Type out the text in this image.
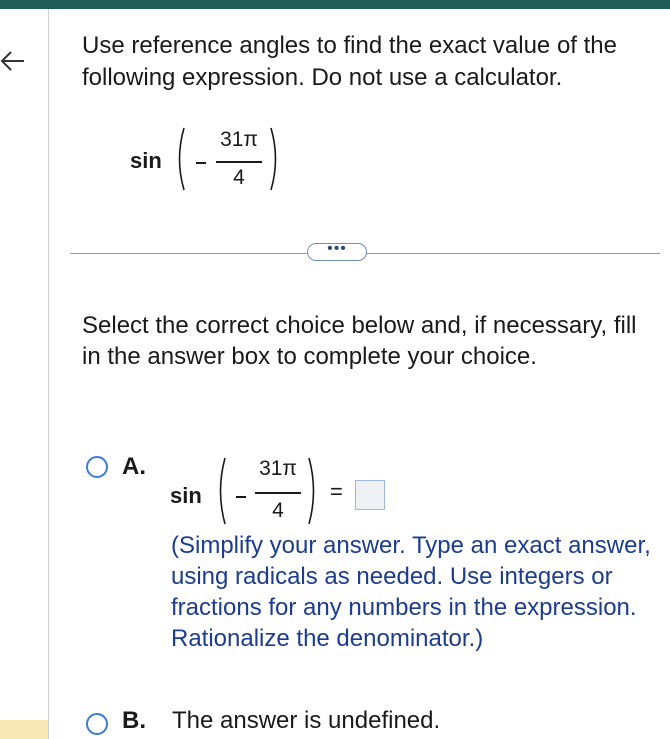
Use reference angles to find the exact value of the following expression. Do not use a calculator.
sin
31π
4
•••
Select the correct choice below and, if necessary, fill in the answer box to complete your choice.
A.
sin
31π
4
=
(Simplify your answer. Type an exact answer, using radicals as needed. Use integers or fractions for any numbers in the expression. Rationalize the denominator.)
B. The answer is undefined.
